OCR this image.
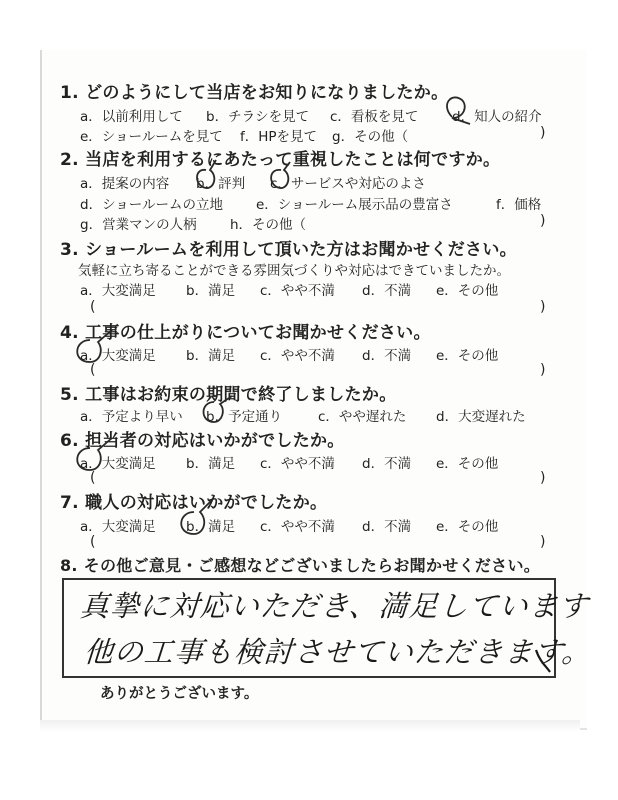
1. どのようにして当店をお知りになりましたか。
a．以前利用して b．チラシを見て c．看板を見て d．知人の紹介
e．ショールームを見て f．HPを見て g．その他（	)
2. 当店を利用するにあたって重視したことは何ですか。
a．提案の内容 b．評判 c．サービスや対応のよさ
d．ショールームの立地 e．ショールーム展示品の豊富さ	f．価格
g．営業マンの人柄 h．その他（	)
3. ショールームを利用して頂いた方はお聞かせください。
気軽に立ち寄ることができる雰囲気づくりや対応はできていましたか。
a．大変満足 b．満足 c．やや不満 d．不満 e．その他
(	)
4. 工事の仕上がりについてお聞かせください。
a．大変満足 b．満足 c．やや不満 d．不満 e．その他
(	)
5. 工事はお約束の期間で終了しましたか。
a．予定より早い b．予定通り	c．やや遅れた d．大変遅れた
6. 担当者の対応はいかがでしたか。
a．大変満足 b．満足 c．やや不満 d．不満 e．その他
(	)
7. 職人の対応はいかがでしたか。
a．大変満足 b．満足 c．やや不満 d．不満 e．その他
(	)
8. その他ご意見・ご感想などございましたらお聞かせください。
真摯に対応いただき、満足しています
他の工事も検討させていただきます。
ありがとうございます。
